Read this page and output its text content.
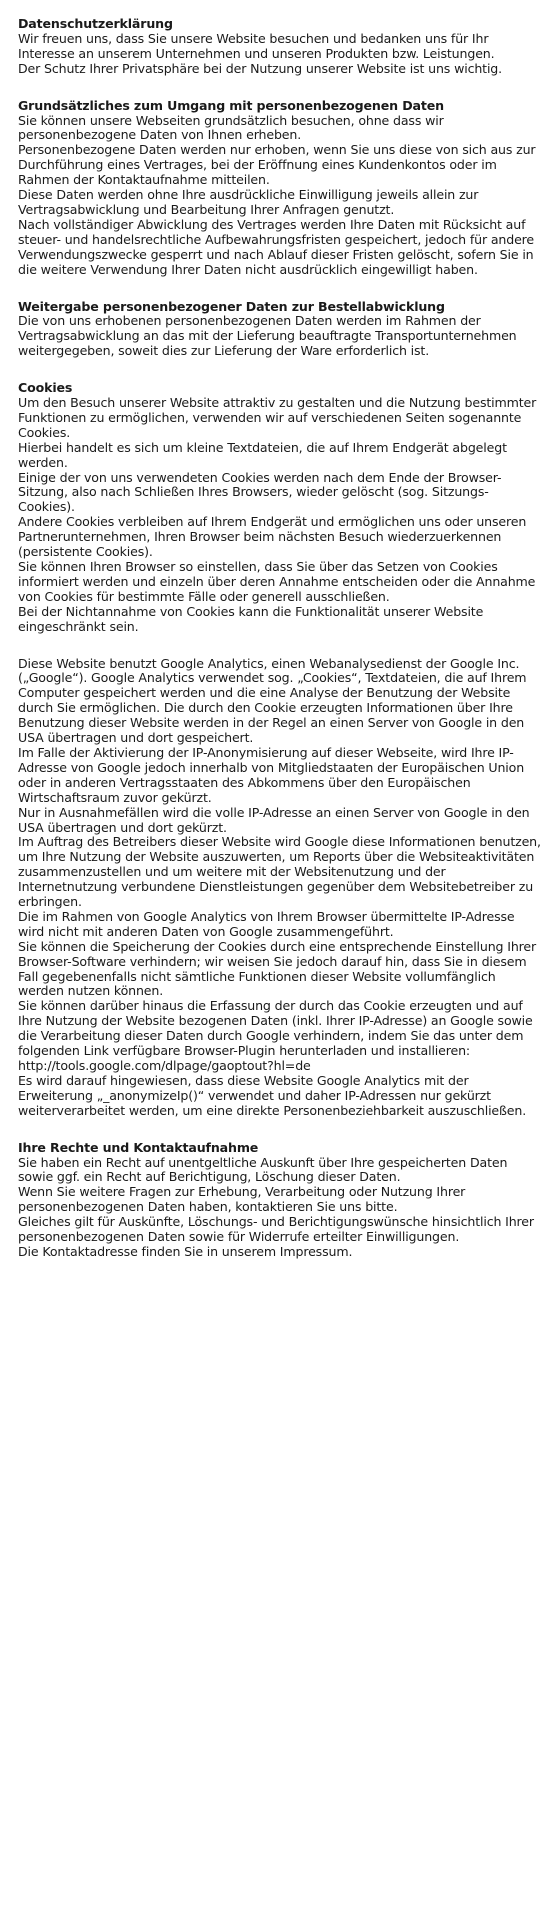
Datenschutzerklärung
Wir freuen uns, dass Sie unsere Website besuchen und bedanken uns für Ihr Interesse an unserem Unternehmen und unseren Produkten bzw. Leistungen.
Der Schutz Ihrer Privatsphäre bei der Nutzung unserer Website ist uns wichtig.
Grundsätzliches zum Umgang mit personenbezogenen Daten
Sie können unsere Webseiten grundsätzlich besuchen, ohne dass wir personenbezogene Daten von Ihnen erheben.
Personenbezogene Daten werden nur erhoben, wenn Sie uns diese von sich aus zur Durchführung eines Vertrages, bei der Eröffnung eines Kundenkontos oder im Rahmen der Kontaktaufnahme mitteilen.
Diese Daten werden ohne Ihre ausdrückliche Einwilligung jeweils allein zur Vertragsabwicklung und Bearbeitung Ihrer Anfragen genutzt.
Nach vollständiger Abwicklung des Vertrages werden Ihre Daten mit Rücksicht auf steuer- und handelsrechtliche Aufbewahrungsfristen gespeichert, jedoch für andere Verwendungszwecke gesperrt und nach Ablauf dieser Fristen gelöscht, sofern Sie in die weitere Verwendung Ihrer Daten nicht ausdrücklich eingewilligt haben.
Weitergabe personenbezogener Daten zur Bestellabwicklung
Die von uns erhobenen personenbezogenen Daten werden im Rahmen der Vertragsabwicklung an das mit der Lieferung beauftragte Transportunternehmen weitergegeben, soweit dies zur Lieferung der Ware erforderlich ist.
Cookies
Um den Besuch unserer Website attraktiv zu gestalten und die Nutzung bestimmter Funktionen zu ermöglichen, verwenden wir auf verschiedenen Seiten sogenannte Cookies.
Hierbei handelt es sich um kleine Textdateien, die auf Ihrem Endgerät abgelegt werden.
Einige der von uns verwendeten Cookies werden nach dem Ende der Browser-Sitzung, also nach Schließen Ihres Browsers, wieder gelöscht (sog. Sitzungs-Cookies).
Andere Cookies verbleiben auf Ihrem Endgerät und ermöglichen uns oder unseren Partnerunternehmen, Ihren Browser beim nächsten Besuch wiederzuerkennen (persistente Cookies).
Sie können Ihren Browser so einstellen, dass Sie über das Setzen von Cookies informiert werden und einzeln über deren Annahme entscheiden oder die Annahme von Cookies für bestimmte Fälle oder generell ausschließen.
Bei der Nichtannahme von Cookies kann die Funktionalität unserer Website eingeschränkt sein.
Diese Website benutzt Google Analytics, einen Webanalysedienst der Google Inc. („Google“). Google Analytics verwendet sog. „Cookies“, Textdateien, die auf Ihrem Computer gespeichert werden und die eine Analyse der Benutzung der Website durch Sie ermöglichen. Die durch den Cookie erzeugten Informationen über Ihre Benutzung dieser Website werden in der Regel an einen Server von Google in den USA übertragen und dort gespeichert.
Im Falle der Aktivierung der IP-Anonymisierung auf dieser Webseite, wird Ihre IP-Adresse von Google jedoch innerhalb von Mitgliedstaaten der Europäischen Union oder in anderen Vertragsstaaten des Abkommens über den Europäischen Wirtschaftsraum zuvor gekürzt.
Nur in Ausnahmefällen wird die volle IP-Adresse an einen Server von Google in den USA übertragen und dort gekürzt.
Im Auftrag des Betreibers dieser Website wird Google diese Informationen benutzen, um Ihre Nutzung der Website auszuwerten, um Reports über die Websiteaktivitäten zusammenzustellen und um weitere mit der Websitenutzung und der Internetnutzung verbundene Dienstleistungen gegenüber dem Websitebetreiber zu erbringen.
Die im Rahmen von Google Analytics von Ihrem Browser übermittelte IP-Adresse wird nicht mit anderen Daten von Google zusammengeführt.
Sie können die Speicherung der Cookies durch eine entsprechende Einstellung Ihrer Browser-Software verhindern; wir weisen Sie jedoch darauf hin, dass Sie in diesem Fall gegebenenfalls nicht sämtliche Funktionen dieser Website vollumfänglich werden nutzen können.
Sie können darüber hinaus die Erfassung der durch das Cookie erzeugten und auf Ihre Nutzung der Website bezogenen Daten (inkl. Ihrer IP-Adresse) an Google sowie die Verarbeitung dieser Daten durch Google verhindern, indem Sie das unter dem folgenden Link verfügbare Browser-Plugin herunterladen und installieren:
http://tools.google.com/dlpage/gaoptout?hl=de
Es wird darauf hingewiesen, dass diese Website Google Analytics mit der Erweiterung „_anonymizeIp()“ verwendet und daher IP-Adressen nur gekürzt weiterverarbeitet werden, um eine direkte Personenbeziehbarkeit auszuschließen.
Ihre Rechte und Kontaktaufnahme
Sie haben ein Recht auf unentgeltliche Auskunft über Ihre gespeicherten Daten sowie ggf. ein Recht auf Berichtigung, Löschung dieser Daten.
Wenn Sie weitere Fragen zur Erhebung, Verarbeitung oder Nutzung Ihrer personenbezogenen Daten haben, kontaktieren Sie uns bitte.
Gleiches gilt für Auskünfte, Löschungs- und Berichtigungswünsche hinsichtlich Ihrer personenbezogenen Daten sowie für Widerrufe erteilter Einwilligungen.
Die Kontaktadresse finden Sie in unserem Impressum.
